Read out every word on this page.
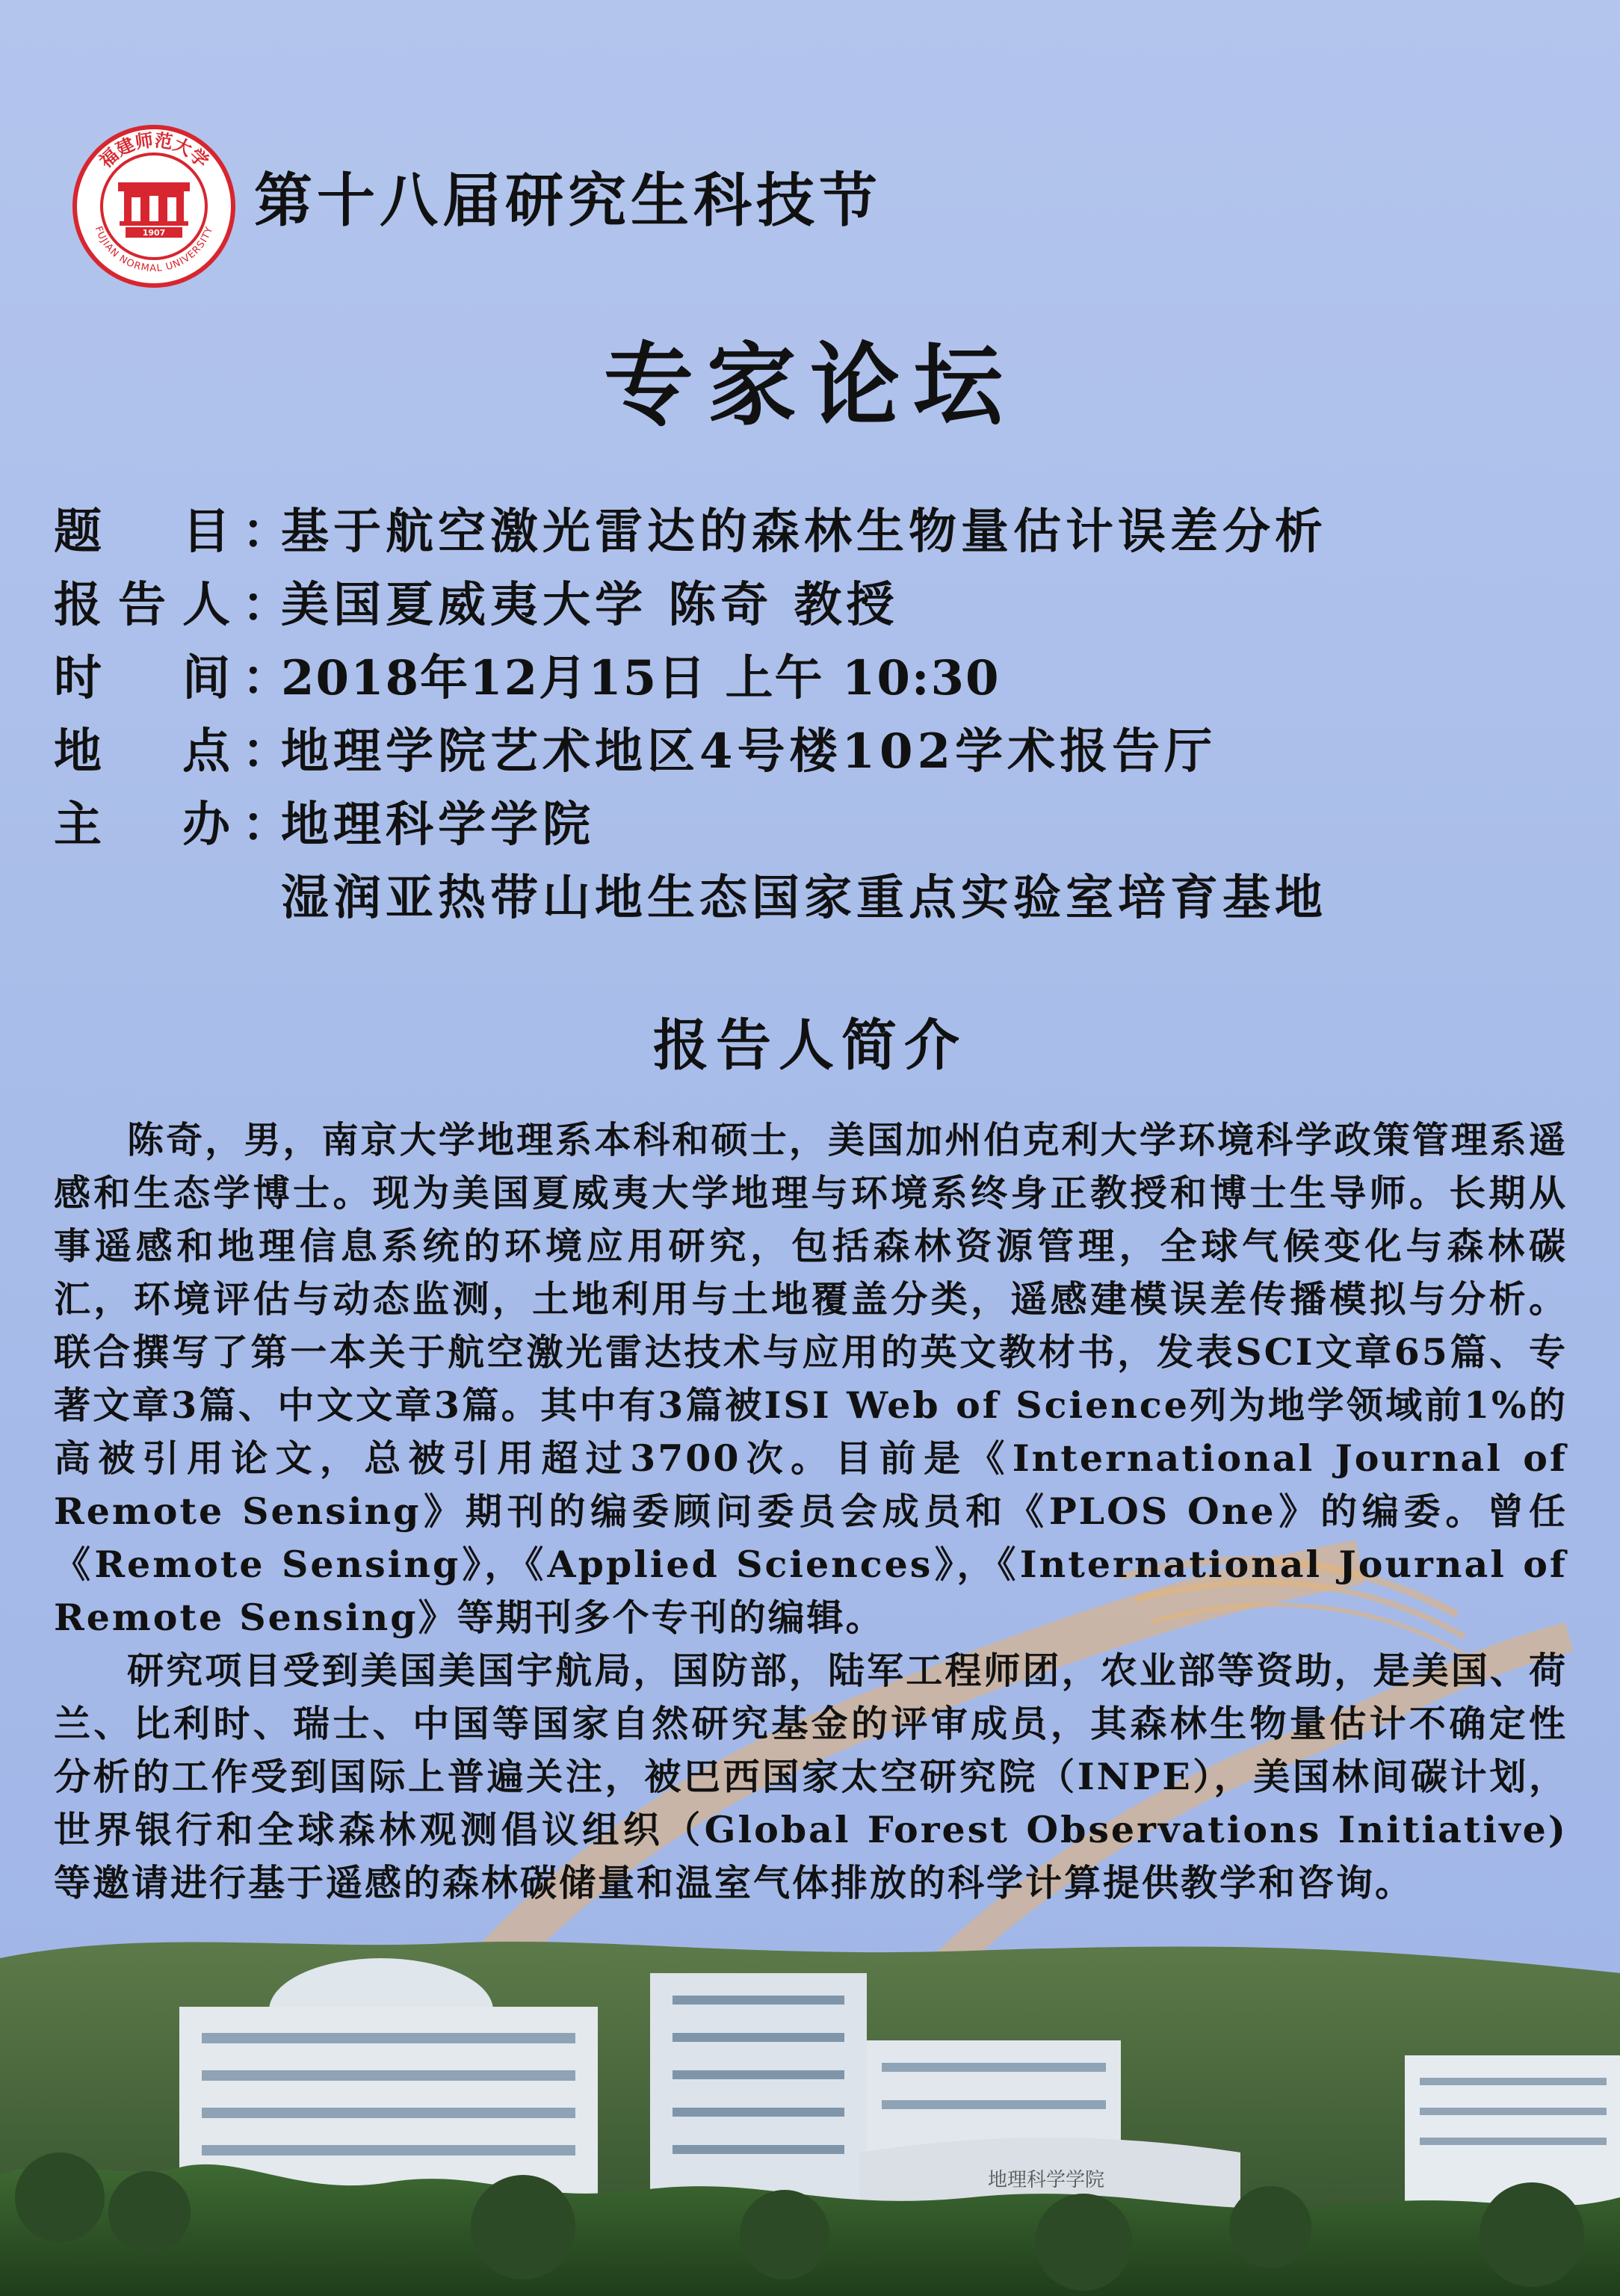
福建师范大学
FUJIAN NORMAL UNIVERSITY
1907 第十八届研究生科技节
专家论坛
题目 ：
基于航空激光雷达的森林生物量估计误差分析
报告人 ：
美国夏威夷大学 陈奇 教授
时间 ：
2018年12月15日 上午 10:30
地点 ：
地理学院艺术地区4号楼102学术报告厅
主办 ：
地理科学学院
湿润亚热带山地生态国家重点实验室培育基地
报告人简介

陈奇，男，南京大学地理系本科和硕士，美国加州伯克利大学环境科学政策管理系遥感和生态学博士。现为美国夏威夷大学地理与环境系终身正教授和博士生导师。长期从事遥感和地理信息系统的环境应用研究，包括森林资源管理，全球气候变化与森林碳汇，环境评估与动态监测，土地利用与土地覆盖分类，遥感建模误差传播模拟与分析。联合撰写了第一本关于航空激光雷达技术与应用的英文教材书，发表SCI文章65篇、专著文章3篇、中文文章3篇。其中有3篇被ISI Web of Science列为地学领域前1%的高被引用论文，总被引用超过3700次。目前是《International Journal of Remote Sensing》期刊的编委顾问委员会成员和《PLOS One》的编委。曾任《Remote Sensing》，《Applied Sciences》，《International Journal of Remote Sensing》等期刊多个专刊的编辑。

研究项目受到美国美国宇航局，国防部，陆军工程师团，农业部等资助，是美国、荷兰、比利时、瑞士、中国等国家自然研究基金的评审成员，其森林生物量估计不确定性分析的工作受到国际上普遍关注，被巴西国家太空研究院（INPE），美国林间碳计划，世界银行和全球森林观测倡议组织（Global Forest Observations Initiative)等邀请进行基于遥感的森林碳储量和温室气体排放的科学计算提供教学和咨询。

地理科学学院
